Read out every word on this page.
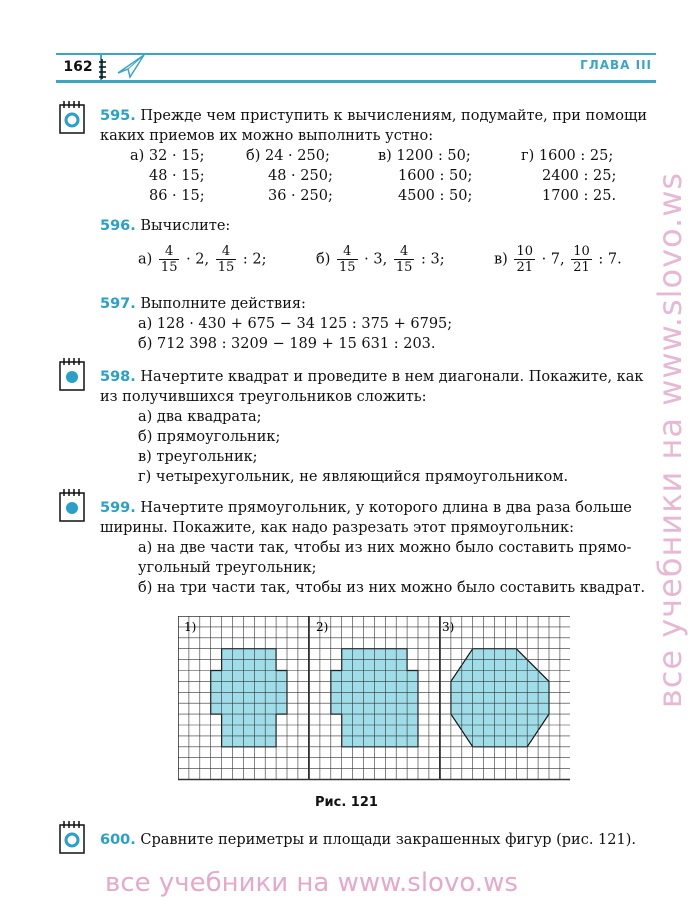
162	ГЛАВА III
595. Прежде чем приступить к вычислениям, подумайте, при помощи
каких приемов их можно выполнить устно:
а) 32 · 15;	б) 24 · 250;	в) 1200 : 50;	г) 1600 : 25;
48 · 15;	48 · 250;	1600 : 50;	2400 : 25;
86 · 15;	36 · 250;	4500 : 50;	1700 : 25.
596. Вычислите:
$а) \frac{4}{15} \cdot 2$, $\frac{4}{15}$ : 2;	$б) \frac{4}{15} \cdot 3$, $\frac{4}{15}$ : 3;	$в) \frac{10}{21} \cdot 7$, $\frac{10}{21}$ : 7.
597. Выполните действия:
а) 128 · 430 + 675 − 34 125 : 375 + 6795;
б) 712 398 : 3209 − 189 + 15 631 : 203.
598. Начертите квадрат и проведите в нем диагонали. Покажите, как
из получившихся треугольников сложить:
а) два квадрата;
б) прямоугольник;
в) треугольник;
г) четырехугольник, не являющийся прямоугольником.
599. Начертите прямоугольник, у которого длина в два раза больше
ширины. Покажите, как надо разрезать этот прямоугольник:
а) на две части так, чтобы из них можно было составить прямо-
угольный треугольник;
б) на три части так, чтобы из них можно было составить квадрат.
1)	2)	3)
Рис. 121
600. Сравните периметры и площади закрашенных фигур (рис. 121).
все учебники на www.slovo.ws
все учебники на www.slovo.ws
